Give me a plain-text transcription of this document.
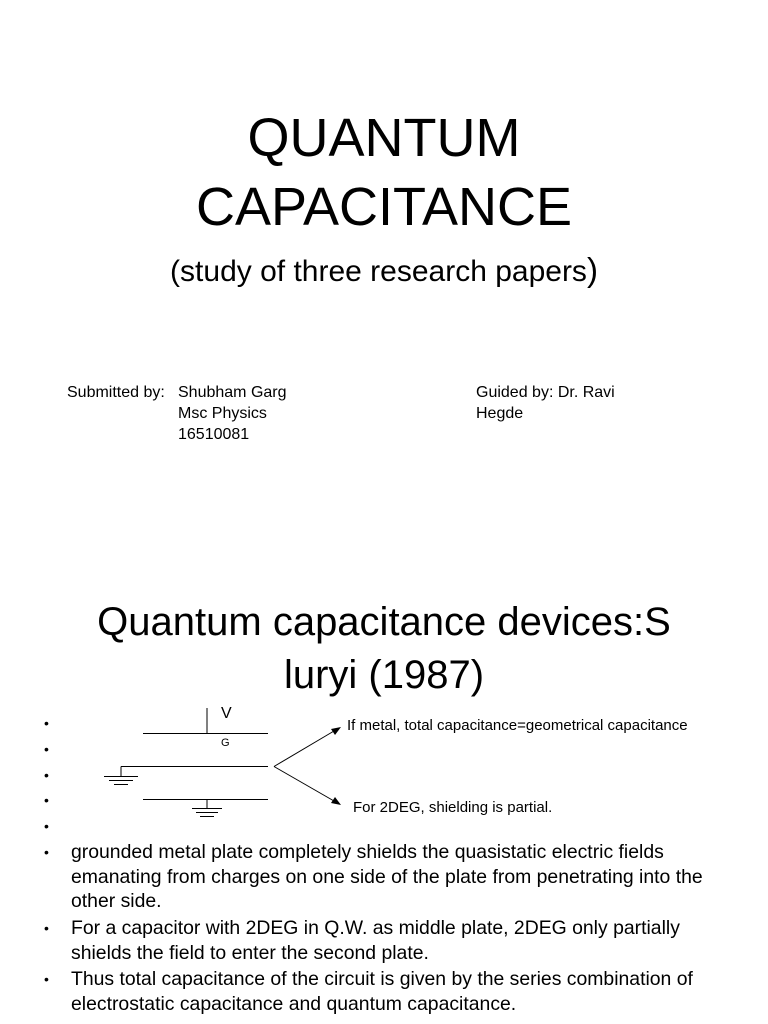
QUANTUM
CAPACITANCE
(study of three research papers)
Submitted by: Shubham Garg
Msc Physics
16510081
Guided by: Dr. Ravi
Hegde
Quantum capacitance devices:S
luryi (1987)
•
•
•
•
•
V
G
If metal, total capacitance=geometrical capacitance
For 2DEG, shielding is partial.
• grounded metal plate completely shields the quasistatic electric fields emanating from charges on one side of the plate from penetrating into the other side.
• For a capacitor with 2DEG in Q.W. as middle plate, 2DEG only partially shields the field to enter the second plate.
• Thus total capacitance of the circuit is given by the series combination of electrostatic capacitance and quantum capacitance.
